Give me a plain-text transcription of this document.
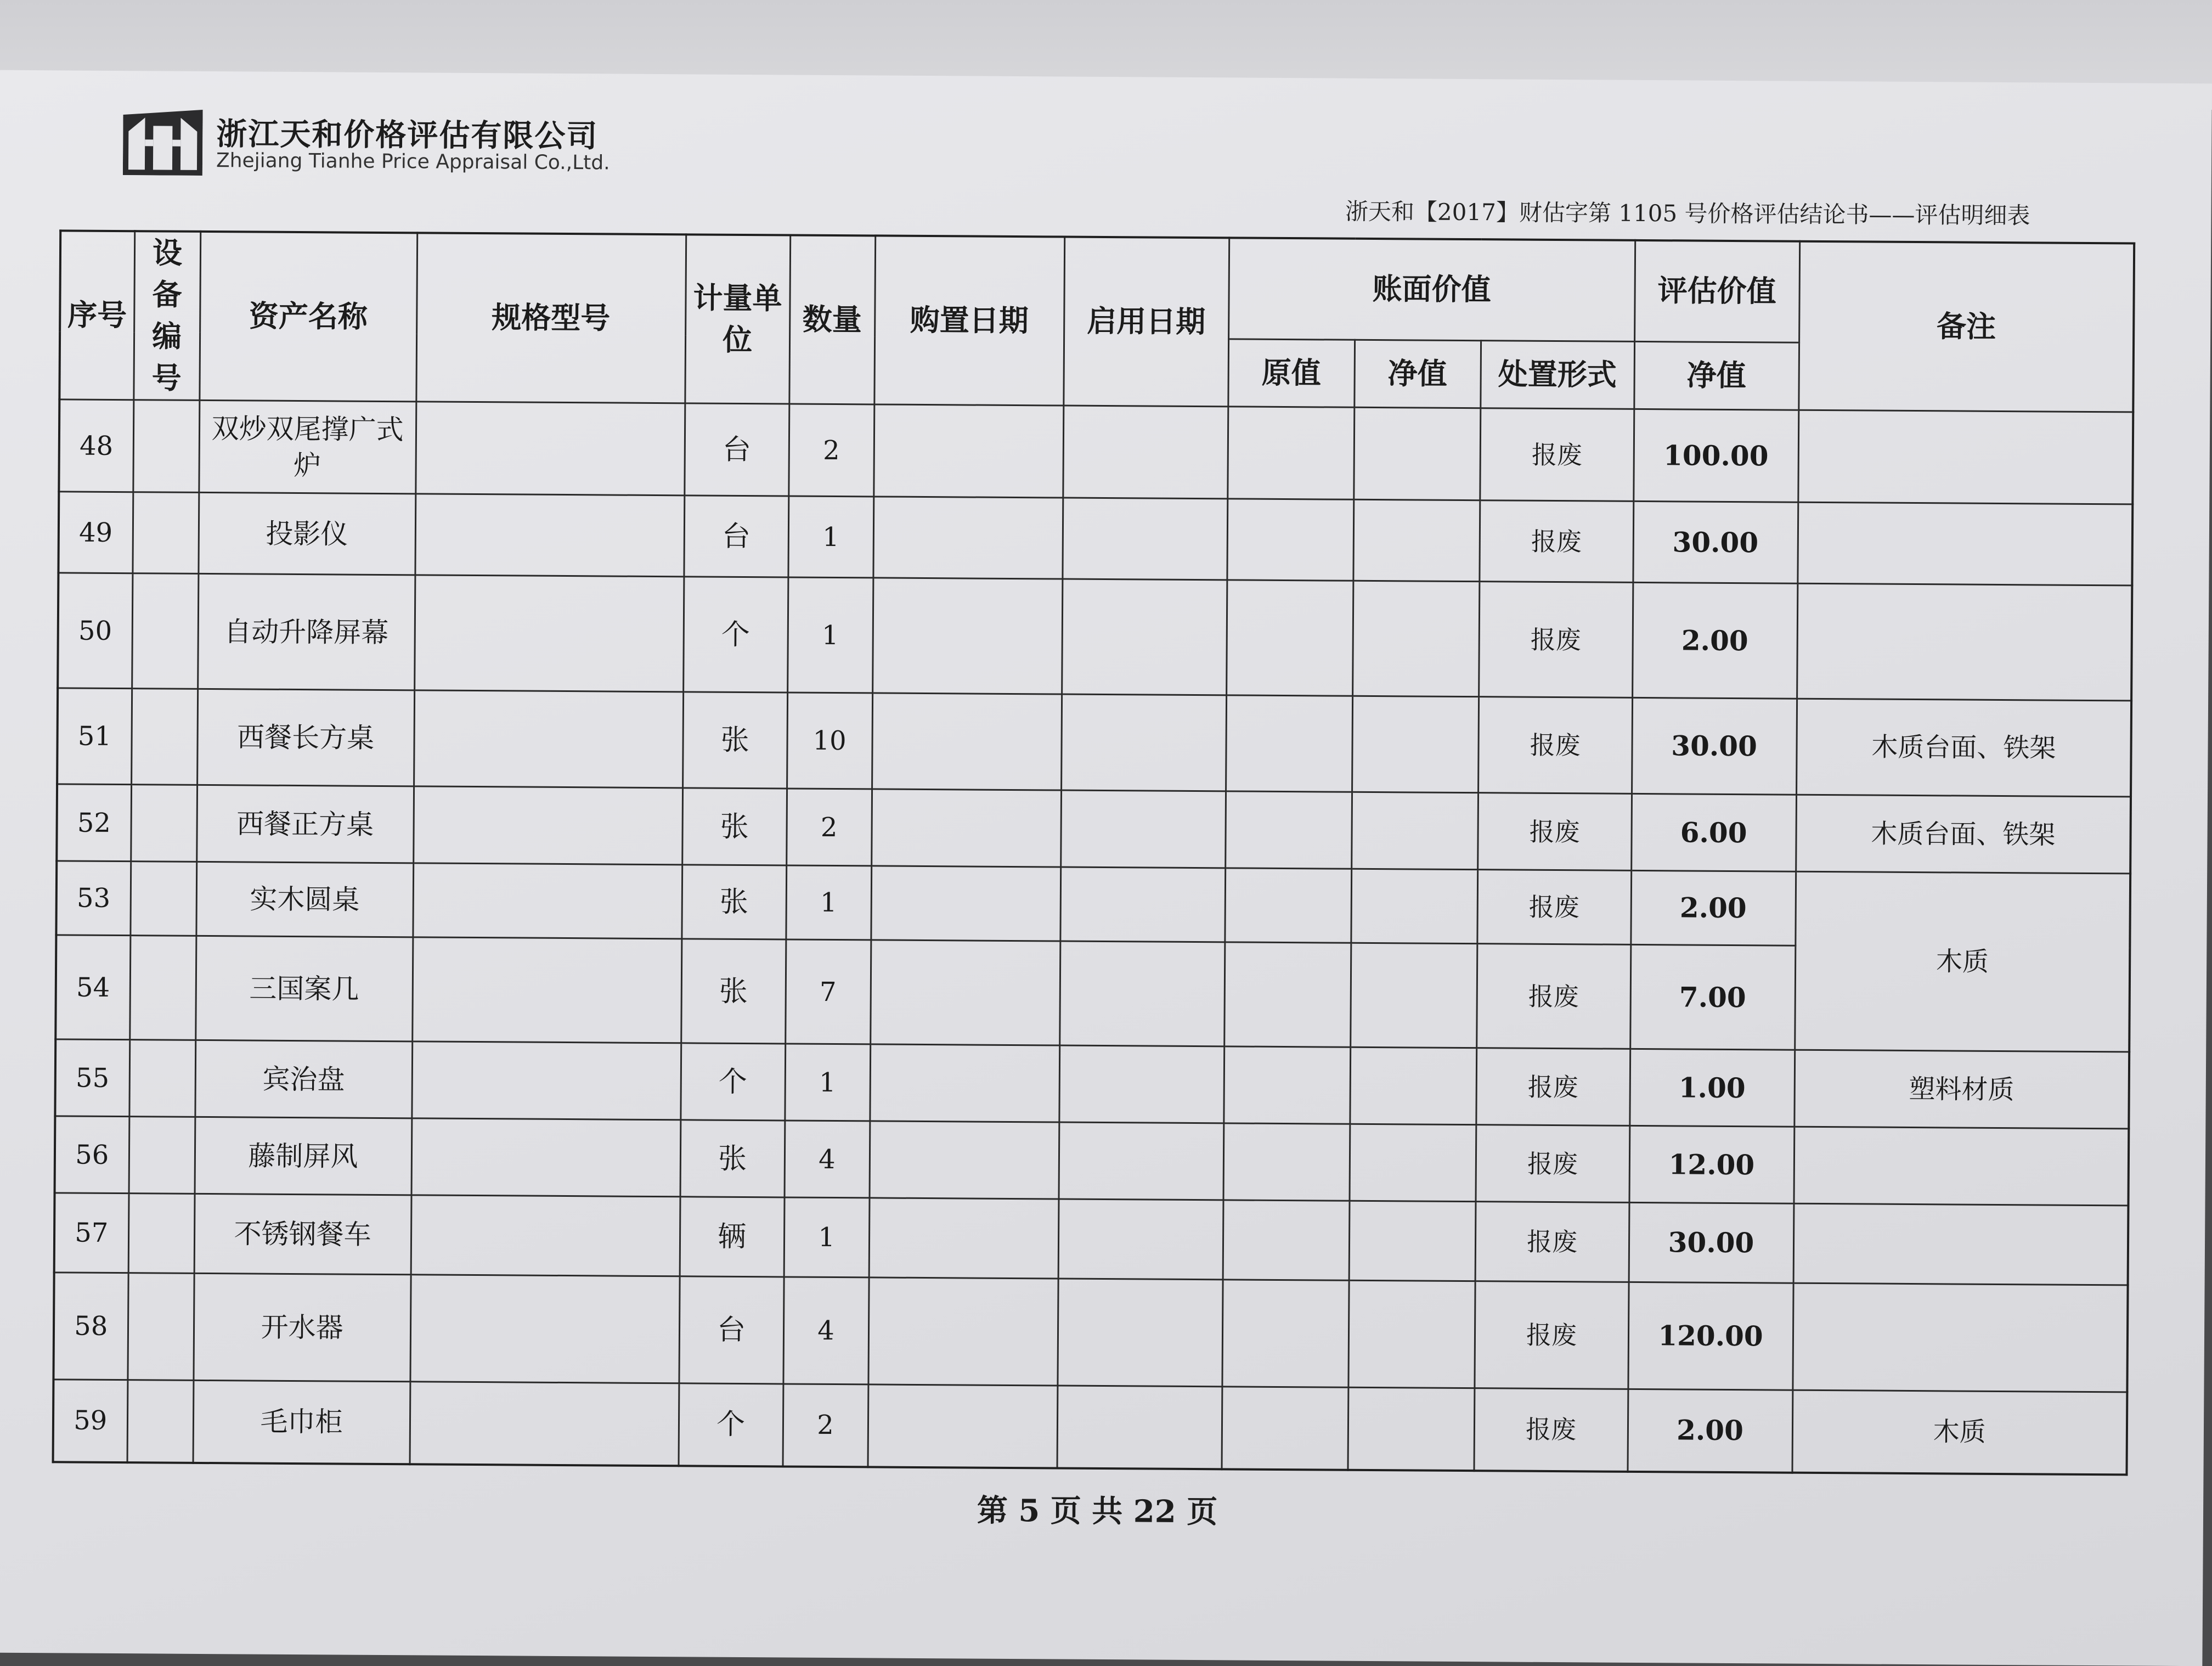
浙江天和价格评估有限公司
Zhejiang Tianhe Price Appraisal Co.,Ltd.
浙天和【2017】财估字第 1105 号价格评估结论书——评估明细表
序号	设备编号	资产名称	规格型号	计量单位	数量	购置日期	启用日期	账面价值			评估价值	备注
								原值	净值	处置形式	净值	
48		双炒双尾撑广式炉		台	2					报废	100.00	
49		投影仪		台	1					报废	30.00	
50		自动升降屏幕		个	1					报废	2.00	
51		西餐长方桌		张	10					报废	30.00	木质台面、铁架
52		西餐正方桌		张	2					报废	6.00	木质台面、铁架
53		实木圆桌		张	1					报废	2.00	木质
54		三国案几		张	7					报废	7.00	
55		宾治盘		个	1					报废	1.00	塑料材质
56		藤制屏风		张	4					报废	12.00	
57		不锈钢餐车		辆	1					报废	30.00	
58		开水器		台	4					报废	120.00	
59		毛巾柜		个	2					报废	2.00	木质
第 5 页 共 22 页
